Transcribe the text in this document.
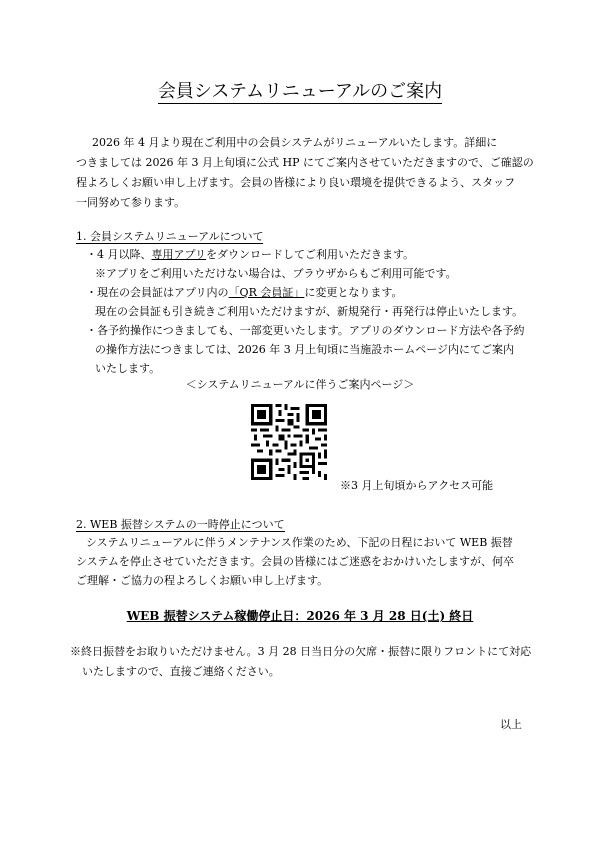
会員システムリニューアルのご案内
2026 年 4 月より現在ご利用中の会員システムがリニューアルいたします。詳細に
つきましては 2026 年 3 月上旬頃に公式 HP にてご案内させていただきますので、ご確認の
程よろしくお願い申し上げます。会員の皆様により良い環境を提供できるよう、スタッフ
一同努めて参ります。
1. 会員システムリニューアルについて
・4 月以降、専用アプリをダウンロードしてご利用いただきます。
※アプリをご利用いただけない場合は、ブラウザからもご利用可能です。
・現在の会員証はアプリ内の「QR 会員証」に変更となります。
現在の会員証も引き続きご利用いただけますが、新規発行・再発行は停止いたします。
・各予約操作につきましても、一部変更いたします。アプリのダウンロード方法や各予約
の操作方法につきましては、2026 年 3 月上旬頃に当施設ホームページ内にてご案内
いたします。
＜システムリニューアルに伴うご案内ページ＞
※3 月上旬頃からアクセス可能
2. WEB 振替システムの一時停止について
システムリニューアルに伴うメンテナンス作業のため、下記の日程において WEB 振替
システムを停止させていただきます。会員の皆様にはご迷惑をおかけいたしますが、何卒
ご理解・ご協力の程よろしくお願い申し上げます。
WEB 振替システム稼働停止日：2026 年 3 月 28 日(土) 終日
※終日振替をお取りいただけません。3 月 28 日当日分の欠席・振替に限りフロントにて対応
いたしますので、直接ご連絡ください。
以上
